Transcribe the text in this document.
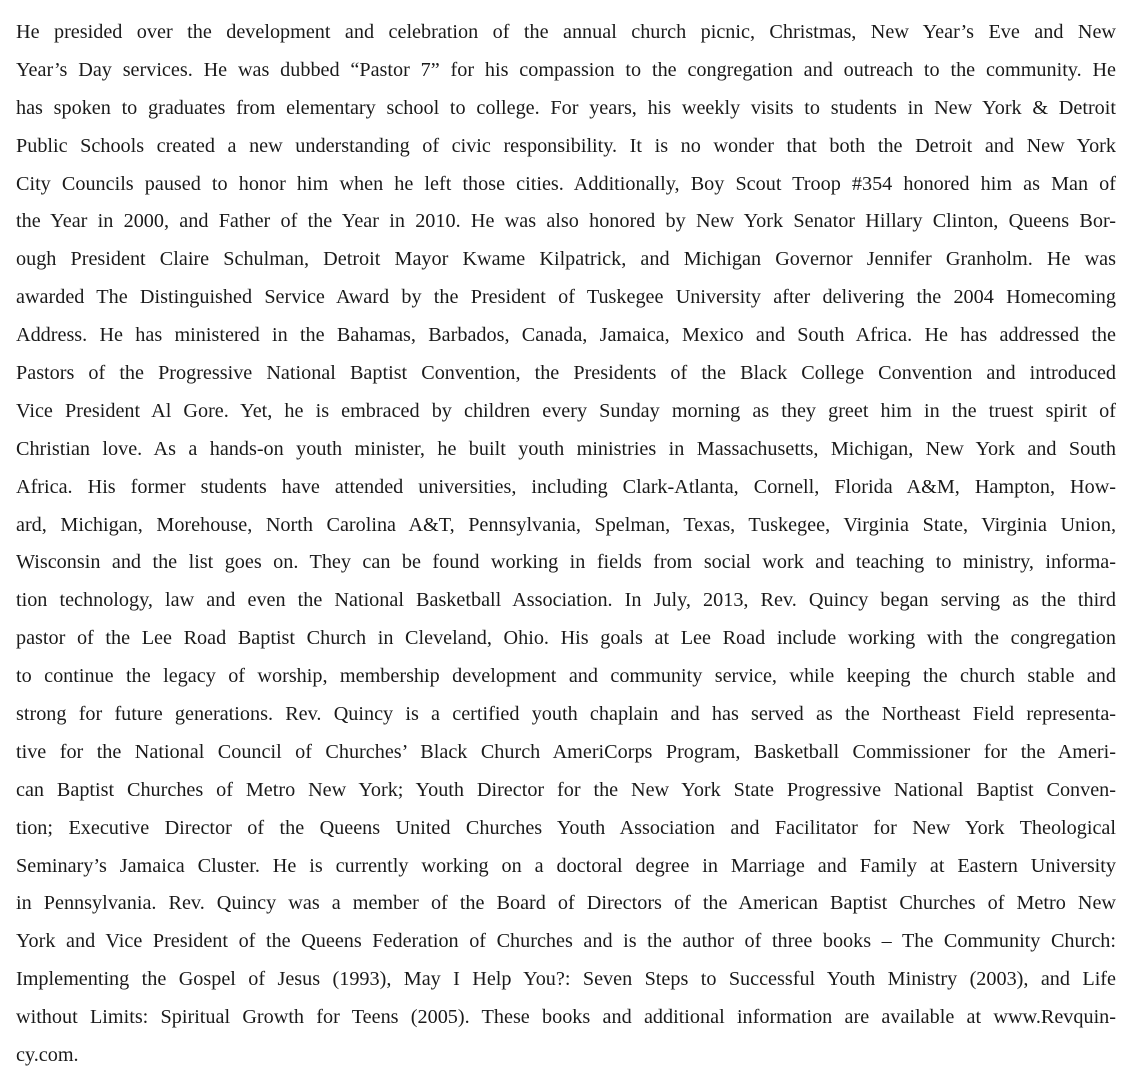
He presided over the development and celebration of the annual church picnic, Christmas, New Year’s Eve and New
Year’s Day services. He was dubbed “Pastor 7” for his compassion to the congregation and outreach to the community. He
has spoken to graduates from elementary school to college. For years, his weekly visits to students in New York & Detroit
Public Schools created a new understanding of civic responsibility. It is no wonder that both the Detroit and New York
City Councils paused to honor him when he left those cities. Additionally, Boy Scout Troop #354 honored him as Man of
the Year in 2000, and Father of the Year in 2010. He was also honored by New York Senator Hillary Clinton, Queens Bor-
ough President Claire Schulman, Detroit Mayor Kwame Kilpatrick, and Michigan Governor Jennifer Granholm. He was
awarded The Distinguished Service Award by the President of Tuskegee University after delivering the 2004 Homecoming
Address. He has ministered in the Bahamas, Barbados, Canada, Jamaica, Mexico and South Africa. He has addressed the
Pastors of the Progressive National Baptist Convention, the Presidents of the Black College Convention and introduced
Vice President Al Gore. Yet, he is embraced by children every Sunday morning as they greet him in the truest spirit of
Christian love. As a hands-on youth minister, he built youth ministries in Massachusetts, Michigan, New York and South
Africa. His former students have attended universities, including Clark-Atlanta, Cornell, Florida A&M, Hampton, How-
ard, Michigan, Morehouse, North Carolina A&T, Pennsylvania, Spelman, Texas, Tuskegee, Virginia State, Virginia Union,
Wisconsin and the list goes on. They can be found working in fields from social work and teaching to ministry, informa-
tion technology, law and even the National Basketball Association. In July, 2013, Rev. Quincy began serving as the third
pastor of the Lee Road Baptist Church in Cleveland, Ohio. His goals at Lee Road include working with the congregation
to continue the legacy of worship, membership development and community service, while keeping the church stable and
strong for future generations. Rev. Quincy is a certified youth chaplain and has served as the Northeast Field representa-
tive for the National Council of Churches’ Black Church AmeriCorps Program, Basketball Commissioner for the Ameri-
can Baptist Churches of Metro New York; Youth Director for the New York State Progressive National Baptist Conven-
tion; Executive Director of the Queens United Churches Youth Association and Facilitator for New York Theological
Seminary’s Jamaica Cluster. He is currently working on a doctoral degree in Marriage and Family at Eastern University
in Pennsylvania. Rev. Quincy was a member of the Board of Directors of the American Baptist Churches of Metro New
York and Vice President of the Queens Federation of Churches and is the author of three books – The Community Church:
Implementing the Gospel of Jesus (1993), May I Help You?: Seven Steps to Successful Youth Ministry (2003), and Life
without Limits: Spiritual Growth for Teens (2005). These books and additional information are available at www.Revquin-
cy.com.
